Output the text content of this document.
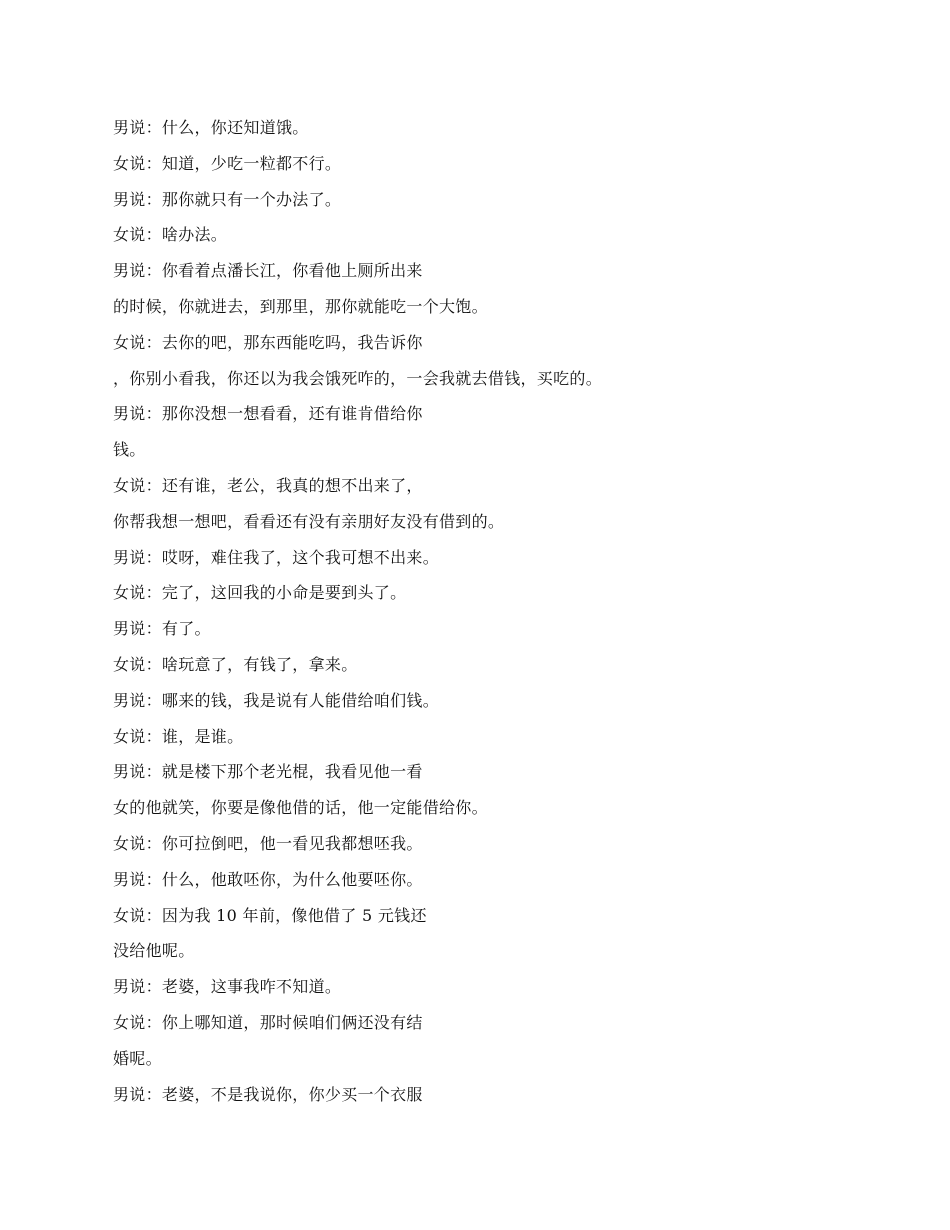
男说：什么，你还知道饿。
女说：知道，少吃一粒都不行。
男说：那你就只有一个办法了。
女说：啥办法。
男说：你看着点潘长江，你看他上厕所出来
的时候，你就进去，到那里，那你就能吃一个大饱。
女说：去你的吧，那东西能吃吗，我告诉你
，你别小看我，你还以为我会饿死咋的，一会我就去借钱，买吃的。
男说：那你没想一想看看，还有谁肯借给你
钱。
女说：还有谁，老公，我真的想不出来了，
你帮我想一想吧，看看还有没有亲朋好友没有借到的。
男说：哎呀，难住我了，这个我可想不出来。
女说：完了，这回我的小命是要到头了。
男说：有了。
女说：啥玩意了，有钱了，拿来。
男说：哪来的钱，我是说有人能借给咱们钱。
女说：谁，是谁。
男说：就是楼下那个老光棍，我看见他一看
女的他就笑，你要是像他借的话，他一定能借给你。
女说：你可拉倒吧，他一看见我都想呸我。
男说：什么，他敢呸你，为什么他要呸你。
女说：因为我 10 年前，像他借了 5 元钱还
没给他呢。
男说：老婆，这事我咋不知道。
女说：你上哪知道，那时候咱们俩还没有结
婚呢。
男说：老婆，不是我说你，你少买一个衣服
